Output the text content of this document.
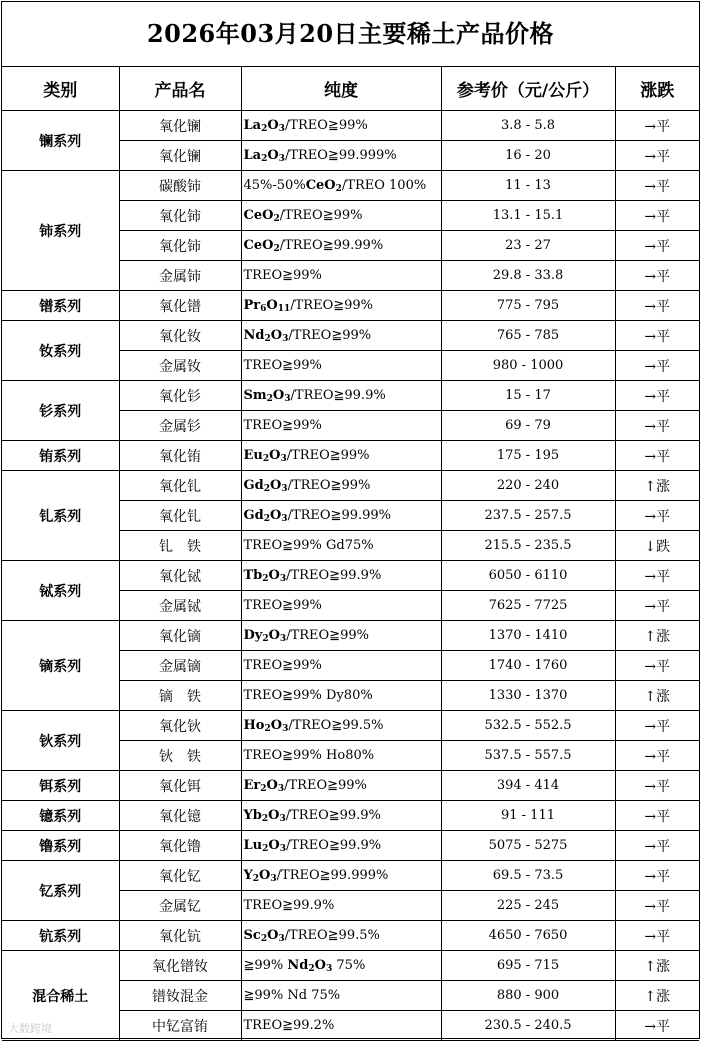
2026年03月20日主要稀土产品价格
类别	产品名	纯度	参考价（元/公斤）	涨跌
镧系列	氧化镧	$La_2O_3/TREO≧99\%$	3.8 - 5.8	→平
	氧化镧	$La_2O_3/TREO≧99.999\%$	16 - 20	→平
铈系列	碳酸铈	45%-50%CeO$_2$/TREO 100%	11 - 13	→平
	氧化铈	CeO$_2$/TREO≧99%	13.1 - 15.1	→平
	氧化铈	CeO$_2$/TREO≧99.99%	23 - 27	→平
	金属铈	TREO≧99%	29.8 - 33.8	→平
镨系列	氧化镨	$Pr_6O_{11}/TREO≧99\%$	775 - 795	→平
钕系列	氧化钕	$Nd_2O_3/TREO≧99\%$	765 - 785	→平
	金属钕	TREO≧99%	980 - 1000	→平
钐系列	氧化钐	$Sm_2O_3/TREO≧99.9\%$	15 - 17	→平
	金属钐	TREO≧99%	69 - 79	→平
铕系列	氧化铕	$Eu_2O_3/TREO≧99\%$	175 - 195	→平
钆系列	氧化钆	$Gd_2O_3/TREO≧99\%$	220 - 240	↑涨
	氧化钆	$Gd_2O_3/TREO≧99.99\%$	237.5 - 257.5	→平
	钆　铁	TREO≧99% Gd75%	215.5 - 235.5	↓跌
铽系列	氧化铽	$Tb_2O_3/TREO≧99.9\%$	6050 - 6110	→平
	金属铽	TREO≧99%	7625 - 7725	→平
镝系列	氧化镝	$Dy_2O_3/TREO≧99\%$	1370 - 1410	↑涨
	金属镝	TREO≧99%	1740 - 1760	→平
	镝　铁	TREO≧99% Dy80%	1330 - 1370	↑涨
钬系列	氧化钬	$Ho_2O_3/TREO≧99.5\%$	532.5 - 552.5	→平
	钬　铁	TREO≧99% Ho80%	537.5 - 557.5	→平
铒系列	氧化铒	$Er_2O_3/TREO≧99\%$	394 - 414	→平
镱系列	氧化镱	$Yb_2O_3/TREO≧99.9\%$	91 - 111	→平
镥系列	氧化镥	$Lu_2O_3/TREO≧99.9\%$	5075 - 5275	→平
钇系列	氧化钇	$Y_2O_3/TREO≧99.999\%$	69.5 - 73.5	→平
	金属钇	TREO≧99.9%	225 - 245	→平
钪系列	氧化钪	$Sc_2O_3/TREO≧99.5\%$	4650 - 7650	→平
混合稀土	氧化镨钕	≧99% $Nd_2O_3$ 75%	695 - 715	↑涨
	镨钕混金	≧99% Nd 75%	880 - 900	↑涨
	中钇富铕	TREO≧99.2%	230.5 - 240.5	→平
大数跨境
